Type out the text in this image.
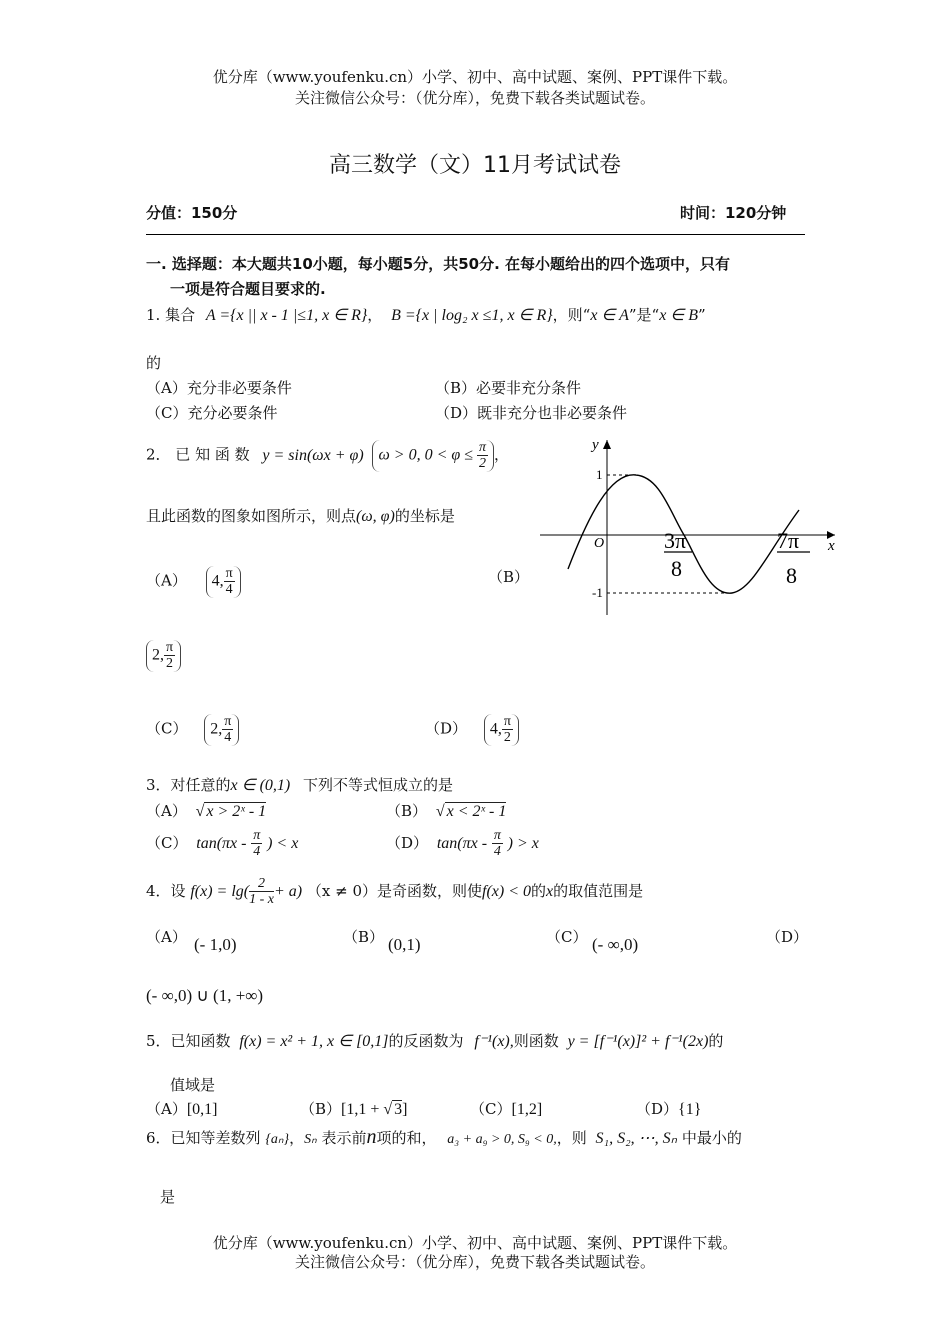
优分库（www.youfenku.cn）小学、初中、高中试题、案例、PPT课件下载。
关注微信公众号：（优分库），免费下载各类试题试卷。
高三数学（文）11月考试试卷
分值：150分	时间：120分钟
一. 选择题：本大题共10小题，每小题5分，共50分. 在每小题给出的四个选项中，只有
一项是符合题目要求的.
1. 集合 A ={x || x - 1 |≤1, x ∈ R}， B ={x | log₂ x ≤1, x ∈ R}，则“x ∈ A”是“x ∈ B”
的
（A）充分非必要条件	（B）必要非充分条件
（C）充分必要条件	（D）既非充分也非必要条件
2． 已 知 函 数 y = sin(ωx + φ) ω > 0, $0 < \varphi \le \frac{\pi}{2}$ ，
且此函数的图象如图所示，则点(ω, φ)的坐标是
（A） 4, $\frac{\pi}{4}$	（B）
2, $\frac{\pi}{2}$
（C） 2, $\frac{\pi}{4}$	（D） 4, $\frac{\pi}{2}$
y
x
O
1
-1
3π
8
7π
8
3．对任意的x ∈ (0,1) 下列不等式恒成立的是
（A） √ x > 2ˣ - 1	（B） √ x < 2ˣ - 1
（C） $\tan(\pi x - \frac{\pi}{4}$ ) < x	（D） $\tan(\pi x - \frac{\pi}{4}$ ) > x
4．设 $f(x) = \lg( \frac{2}{1 - x} + a)$ （x ≠ 0）是奇函数，则使f(x) < 0的x的取值范围是
（A） (- 1,0)	（B） (0,1)	（C） (- ∞,0)	（D）
(- ∞,0) ∪ (1, +∞)
5．已知函数 f(x) = x² + 1, x ∈ [0,1]的反函数为 f⁻¹(x),则函数 y = [f⁻¹(x)]² + f⁻¹(2x)的
值域是
（A）[0,1]	（B）[1,1 + √ 3]	（C）[1,2]	（D）{1}
6．已知等差数列 {aₙ}，Sₙ 表示前n项的和， a₃ + a₉ > 0, S₉ < 0,，则 S₁, S₂, ⋯, Sₙ 中最小的
是
优分库（www.youfenku.cn）小学、初中、高中试题、案例、PPT课件下载。
关注微信公众号：（优分库），免费下载各类试题试卷。
